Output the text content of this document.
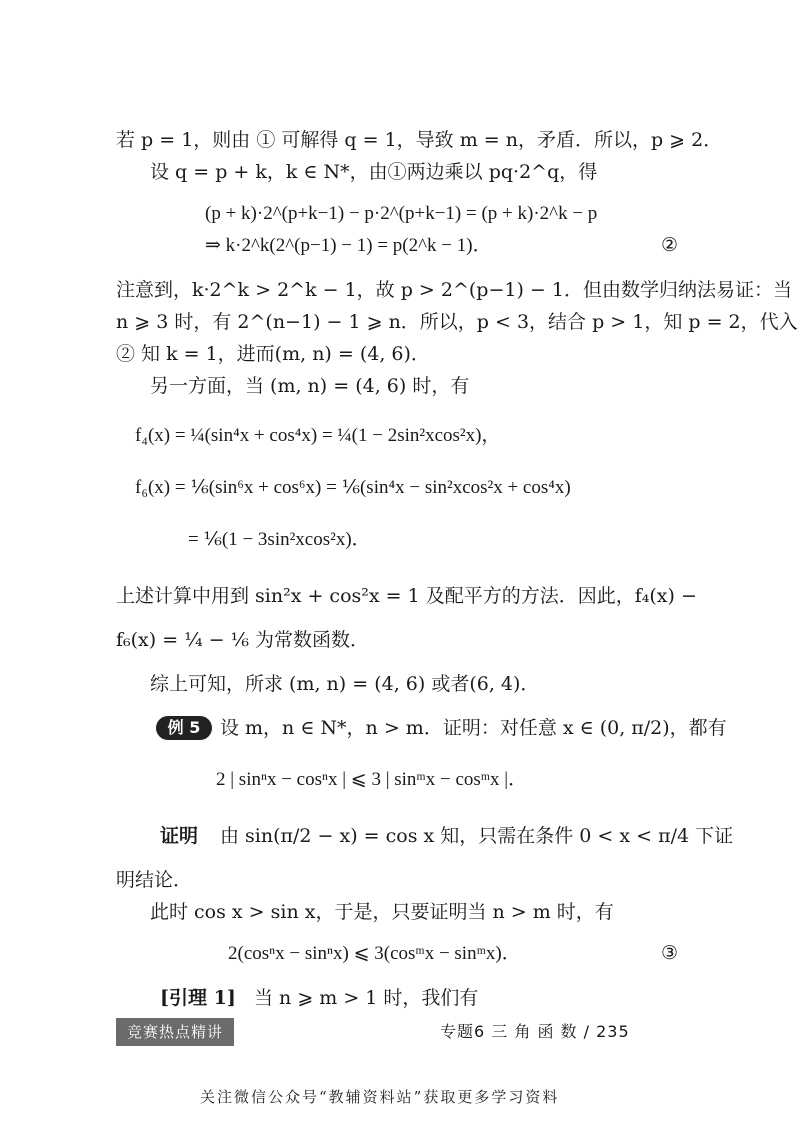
若 p = 1，则由 ① 可解得 q = 1，导致 m = n，矛盾．所以，p ⩾ 2．
设 q = p + k，k ∈ N*，由①两边乘以 pq·2^q，得
(p + k)·2^(p+k−1) − p·2^(p+k−1) = (p + k)·2^k − p
⇒ k·2^k(2^(p−1) − 1) = p(2^k − 1)．	②
注意到，k·2^k > 2^k − 1，故 p > 2^(p−1) − 1．但由数学归纳法易证：当
n ⩾ 3 时，有 2^(n−1) − 1 ⩾ n．所以，p < 3，结合 p > 1，知 p = 2，代入
② 知 k = 1，进而(m, n) = (4, 6)．
另一方面，当 (m, n) = (4, 6) 时，有
f₄(x) = ¼(sin⁴x + cos⁴x) = ¼(1 − 2sin²xcos²x)，
f₆(x) = ⅙(sin⁶x + cos⁶x) = ⅙(sin⁴x − sin²xcos²x + cos⁴x)
= ⅙(1 − 3sin²xcos²x)．
上述计算中用到 sin²x + cos²x = 1 及配平方的方法．因此，f₄(x) −
f₆(x) = ¼ − ⅙ 为常数函数．
综上可知，所求 (m, n) = (4, 6) 或者(6, 4)．
例 5	设 m，n ∈ N*，n > m．证明：对任意 x ∈ (0, π/2)，都有
2 | sinⁿx − cosⁿx | ⩽ 3 | sinᵐx − cosᵐx |．
证明 由 sin(π/2 − x) = cos x 知，只需在条件 0 < x < π/4 下证
明结论．
此时 cos x > sin x，于是，只要证明当 n > m 时，有
2(cosⁿx − sinⁿx) ⩽ 3(cosᵐx − sinᵐx)．	③
[引理 1] 当 n ⩾ m > 1 时，我们有
竞赛热点精讲	专题6 三 角 函 数 / 235
关注微信公众号“教辅资料站”获取更多学习资料
